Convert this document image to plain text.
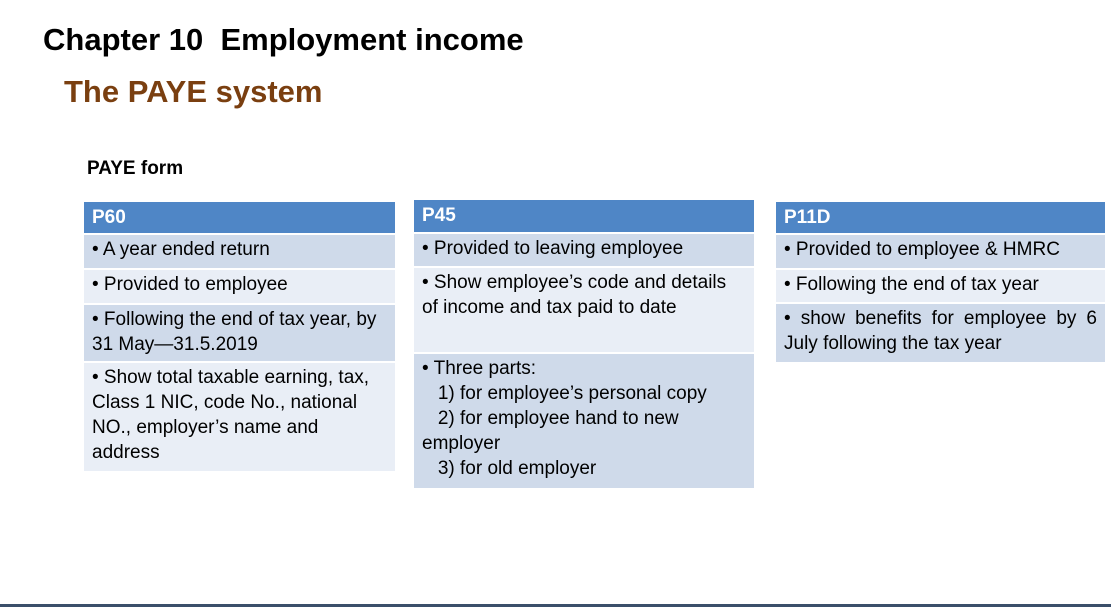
Chapter 10  Employment income
The PAYE system
PAYE form
P60
• A year ended return
• Provided to employee
• Following the end of tax year, by 31 May—31.5.2019
• Show total taxable earning, tax, Class 1 NIC, code No., national NO., employer’s name and address
P45
• Provided to leaving employee
• Show employee’s code and details of income and tax paid to date
• Three parts:
1) for employee’s personal copy
2) for employee hand to new employer
3) for old employer
P11D
• Provided to employee & HMRC
• Following the end of tax year
• show benefits for employee by 6 July following the tax year
